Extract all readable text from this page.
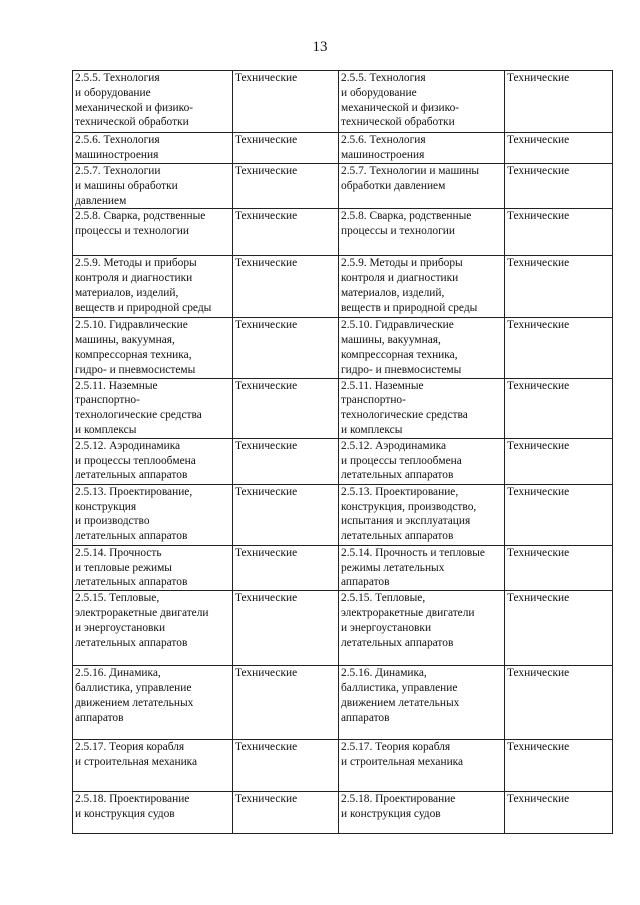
13
2.5.5. Технология
и оборудование
механической и физико-
технической обработки	Технические	2.5.5. Технология
и оборудование
механической и физико-
технической обработки	Технические

2.5.6. Технология
машиностроения	Технические	2.5.6. Технология
машиностроения	Технические

2.5.7. Технологии
и машины обработки
давлением	Технические	2.5.7. Технологии и машины
обработки давлением	Технические

2.5.8. Сварка, родственные
процессы и технологии	Технические	2.5.8. Сварка, родственные
процессы и технологии	Технические

2.5.9. Методы и приборы
контроля и диагностики
материалов, изделий,
веществ и природной среды	Технические	2.5.9. Методы и приборы
контроля и диагностики
материалов, изделий,
веществ и природной среды	Технические

2.5.10. Гидравлические
машины, вакуумная,
компрессорная техника,
гидро- и пневмосистемы	Технические	2.5.10. Гидравлические
машины, вакуумная,
компрессорная техника,
гидро- и пневмосистемы	Технические

2.5.11. Наземные
транспортно-
технологические средства
и комплексы	Технические	2.5.11. Наземные
транспортно-
технологические средства
и комплексы	Технические

2.5.12. Аэродинамика
и процессы теплообмена
летательных аппаратов	Технические	2.5.12. Аэродинамика
и процессы теплообмена
летательных аппаратов	Технические

2.5.13. Проектирование,
конструкция
и производство
летательных аппаратов	Технические	2.5.13. Проектирование,
конструкция, производство,
испытания и эксплуатация
летательных аппаратов	Технические

2.5.14. Прочность
и тепловые режимы
летательных аппаратов	Технические	2.5.14. Прочность и тепловые
режимы летательных
аппаратов	Технические

2.5.15. Тепловые,
электроракетные двигатели
и энергоустановки
летательных аппаратов	Технические	2.5.15. Тепловые,
электроракетные двигатели
и энергоустановки
летательных аппаратов	Технические

2.5.16. Динамика,
баллистика, управление
движением летательных
аппаратов	Технические	2.5.16. Динамика,
баллистика, управление
движением летательных
аппаратов	Технические

2.5.17. Теория корабля
и строительная механика	Технические	2.5.17. Теория корабля
и строительная механика	Технические

2.5.18. Проектирование
и конструкция судов	Технические	2.5.18. Проектирование
и конструкция судов	Технические
